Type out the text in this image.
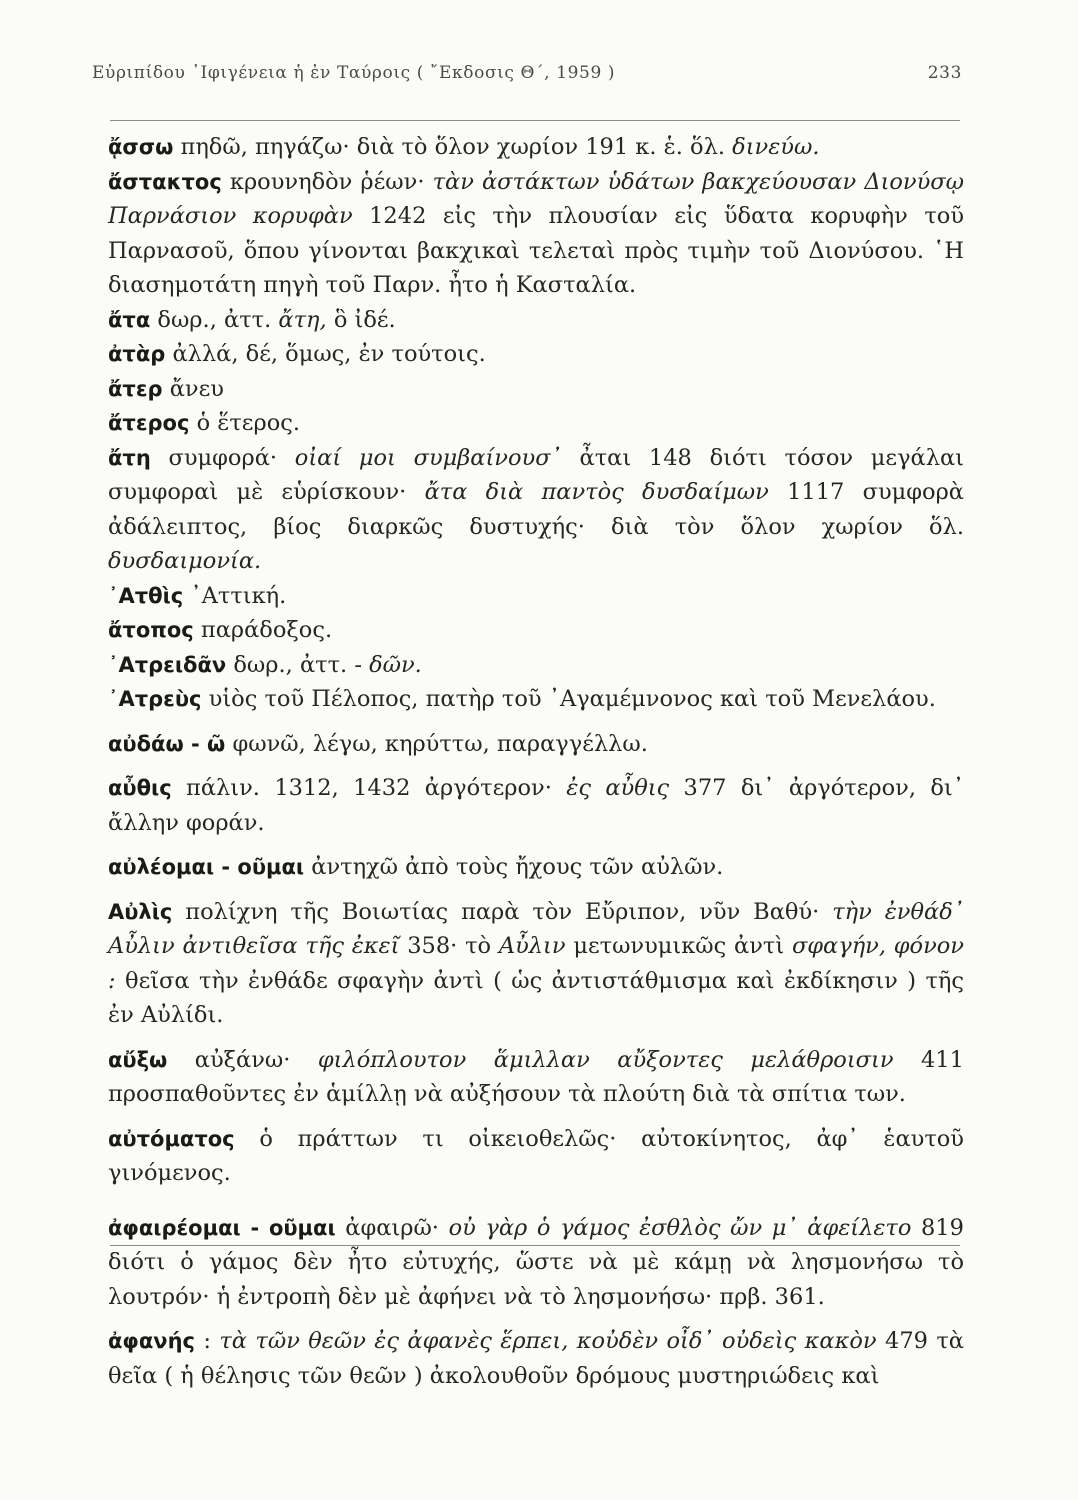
Εὐριπίδου ᾿Ιφιγένεια ἡ ἐν Ταύροις ( ῎Εκδοσις Θ΄, 1959 )	233

ᾄσσω πηδῶ, πηγάζω· διὰ τὸ ὅλον χωρίον 191 κ. ἑ. ὅλ. δινεύω.

ἄστακτος κρουνηδὸν ῥέων· τὰν ἀστάκτων ὑδάτων βακχεύουσαν Διονύσῳ Παρνάσιον κορυφὰν 1242 εἰς τὴν πλουσίαν εἰς ὕδατα κορυφὴν τοῦ Παρνασοῦ, ὅπου γίνονται βακχικαὶ τελεταὶ πρὸς τιμὴν τοῦ Διονύσου. ῾Η διασημοτάτη πηγὴ τοῦ Παρν. ἦτο ἡ Κασταλία.

ἄτα δωρ., ἀττ. ἄτη, ὃ ἰδέ.

ἀτὰρ ἀλλά, δέ, ὅμως, ἐν τούτοις.

ἄτερ ἄνευ

ἄτερος ὁ ἕτερος.

ἄτη συμφορά· οἰαί μοι συμβαίνουσ᾽ ἆται 148 διότι τόσον μεγάλαι συμφοραὶ μὲ εὑρίσκουν· ἄτα διὰ παντὸς δυσδαίμων 1117 συμφορὰ ἀδάλειπτος, βίος διαρκῶς δυστυχής· διὰ τὸν ὅλον χωρίον ὅλ. δυσδαιμονία.

᾿Ατθὶς ᾿Αττική.

ἄτοπος παράδοξος.

᾿Ατρειδᾶν δωρ., ἀττ. - δῶν.

᾿Ατρεὺς υἱὸς τοῦ Πέλοπος, πατὴρ τοῦ ᾿Αγαμέμνονος καὶ τοῦ Μενελάου.

αὐδάω - ῶ φωνῶ, λέγω, κηρύττω, παραγγέλλω.

αὖθις πάλιν. 1312, 1432 ἀργότερον· ἐς αὖθις 377 δι᾽ ἀργότερον, δι᾽ ἄλλην φοράν.

αὐλέομαι - οῦμαι ἀντηχῶ ἀπὸ τοὺς ἤχους τῶν αὐλῶν.

Αὐλὶς πολίχνη τῆς Βοιωτίας παρὰ τὸν Εὔριπον, νῦν Βαθύ· τὴν ἐνθάδ᾽ Αὖλιν ἀντιθεῖσα τῆς ἐκεῖ 358· τὸ Αὖλιν μετωνυμικῶς ἀντὶ σφαγήν, φόνον : θεῖσα τὴν ἐνθάδε σφαγὴν ἀντὶ ( ὡς ἀντιστάθμισμα καὶ ἐκδίκησιν ) τῆς ἐν Αὐλίδι.

αὔξω αὐξάνω· φιλόπλουτον ἅμιλλαν αὔξοντες μελάθροισιν 411 προσπαθοῦντες ἐν ἁμίλλῃ νὰ αὐξήσουν τὰ πλούτη διὰ τὰ σπίτια των.

αὐτόματος ὁ πράττων τι οἰκειοθελῶς· αὐτοκίνητος, ἀφ᾽ ἑαυτοῦ γινόμενος.

ἀφαιρέομαι - οῦμαι ἀφαιρῶ· οὐ γὰρ ὁ γάμος ἐσθλὸς ὤν μ᾽ ἀφείλετο 819 διότι ὁ γάμος δὲν ἦτο εὐτυχής, ὥστε νὰ μὲ κάμῃ νὰ λησμονήσω τὸ λουτρόν· ἡ ἐντροπὴ δὲν μὲ ἀφήνει νὰ τὸ λησμονήσω· πρβ. 361.

ἀφανής : τὰ τῶν θεῶν ἐς ἀφανὲς ἕρπει, κοὐδὲν οἶδ᾽ οὐδεὶς κακὸν 479 τὰ θεῖα ( ἡ θέλησις τῶν θεῶν ) ἀκολουθοῦν δρόμους μυστηριώδεις καὶ
